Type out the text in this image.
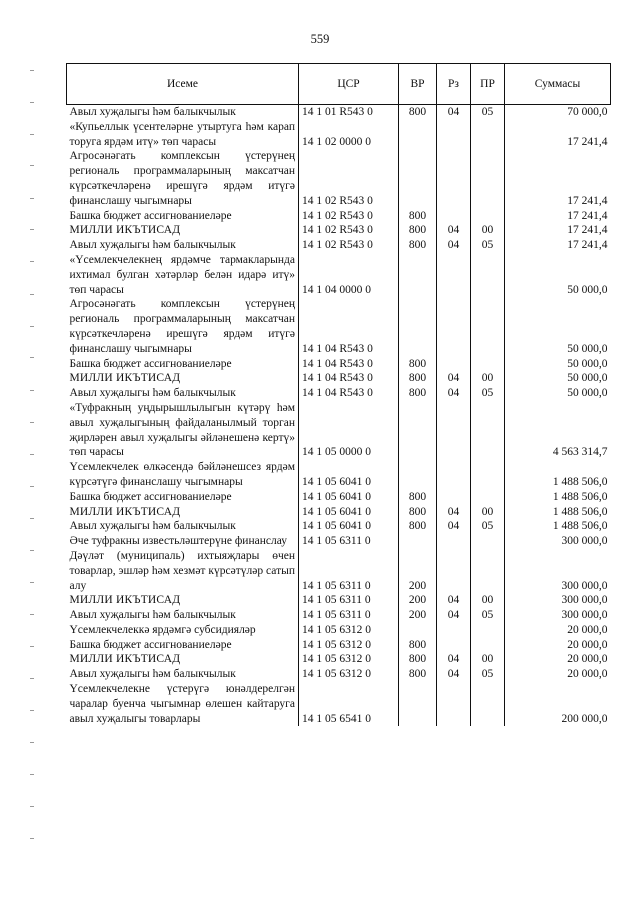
559
Исеме	ЦСР	ВР	Рз	ПР	Суммасы
Авыл хуҗалыгы һәм балыкчылык	14 1 01 R543 0	800	04	05	70 000,0
«Купьеллык үсентеләрне утыртуга һәм карап торуга ярдәм итү» төп чарасы	14 1 02 0000 0				17 241,4
Агросәнәгать комплексын үстерүнең региональ программаларының максатчан күрсәткечләренә ирешүгә ярдәм итүгә финанслашу чыгымнары	14 1 02 R543 0				17 241,4
Башка бюджет ассигнованиеләре	14 1 02 R543 0	800			17 241,4
МИЛЛИ ИКЪТИСАД	14 1 02 R543 0	800	04	00	17 241,4
Авыл хуҗалыгы һәм балыкчылык	14 1 02 R543 0	800	04	05	17 241,4
«Үсемлекчелекнең ярдәмче тармакларында ихтимал булган хәтәрләр белән идарә итү» төп чарасы	14 1 04 0000 0				50 000,0
Агросәнәгать комплексын үстерүнең региональ программаларының максатчан күрсәткечләренә ирешүгә ярдәм итүгә финанслашу чыгымнары	14 1 04 R543 0				50 000,0
Башка бюджет ассигнованиеләре	14 1 04 R543 0	800			50 000,0
МИЛЛИ ИКЪТИСАД	14 1 04 R543 0	800	04	00	50 000,0
Авыл хуҗалыгы һәм балыкчылык	14 1 04 R543 0	800	04	05	50 000,0
«Туфракның уңдырышлылыгын күтәрү һәм авыл хуҗалыгының файдаланылмый торган җирләрен авыл хуҗалыгы әйләнешенә кертү» төп чарасы	14 1 05 0000 0				4 563 314,7
Үсемлекчелек өлкәсендә бәйләнешсез ярдәм күрсәтүгә финанслашу чыгымнары	14 1 05 6041 0				1 488 506,0
Башка бюджет ассигнованиеләре	14 1 05 6041 0	800			1 488 506,0
МИЛЛИ ИКЪТИСАД	14 1 05 6041 0	800	04	00	1 488 506,0
Авыл хуҗалыгы һәм балыкчылык	14 1 05 6041 0	800	04	05	1 488 506,0
Әче туфракны известьләштерүне финанслау	14 1 05 6311 0				300 000,0
Дәүләт (муниципаль) ихтыяҗлары өчен товарлар, эшләр һәм хезмәт күрсәтүләр сатып алу	14 1 05 6311 0	200			300 000,0
МИЛЛИ ИКЪТИСАД	14 1 05 6311 0	200	04	00	300 000,0
Авыл хуҗалыгы һәм балыкчылык	14 1 05 6311 0	200	04	05	300 000,0
Үсемлекчелеккә ярдәмгә субсидияләр	14 1 05 6312 0				20 000,0
Башка бюджет ассигнованиеләре	14 1 05 6312 0	800			20 000,0
МИЛЛИ ИКЪТИСАД	14 1 05 6312 0	800	04	00	20 000,0
Авыл хуҗалыгы һәм балыкчылык	14 1 05 6312 0	800	04	05	20 000,0
Үсемлекчелекне үстерүгә юнәлдерелгән чаралар буенча чыгымнар өлешен кайтаруга авыл хуҗалыгы товарлары	14 1 05 6541 0				200 000,0
